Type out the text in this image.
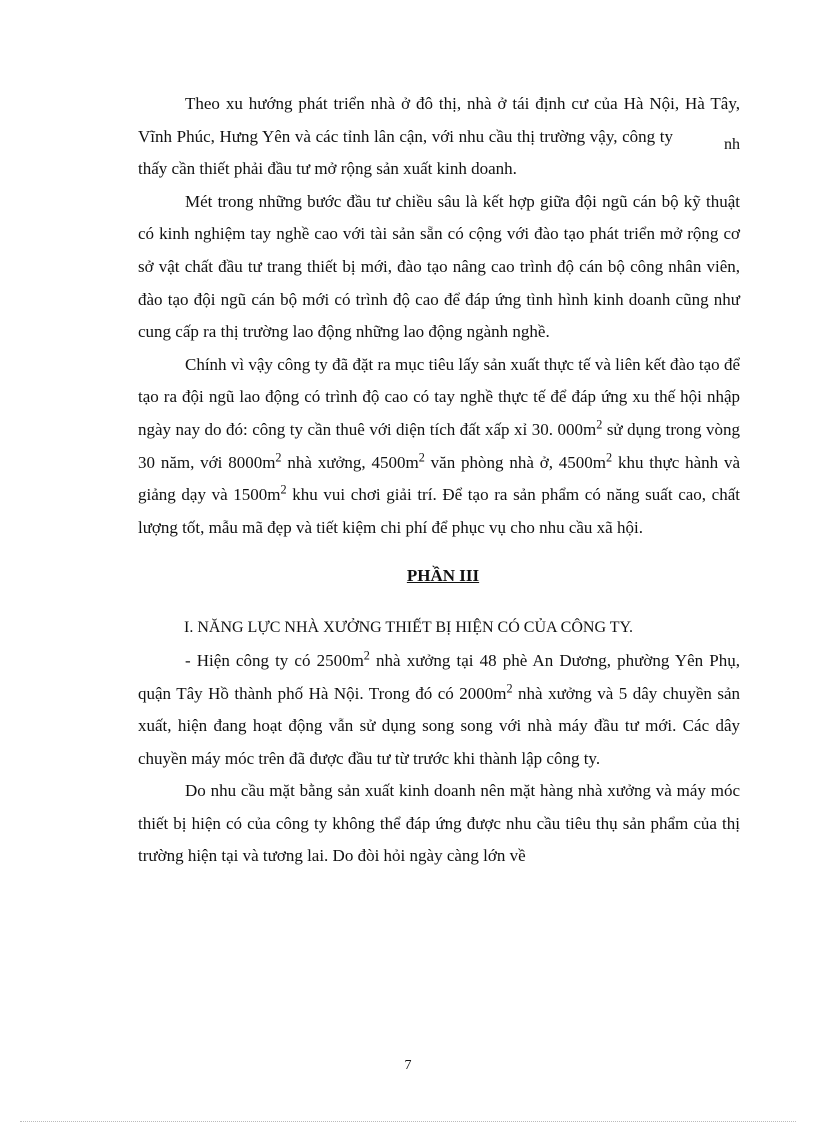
Theo xu hướng phát triển nhà ở đô thị, nhà ở tái định cư của Hà Nội, Hà Tây, Vĩnh Phúc, Hưng Yên và các tỉnh lân cận, với nhu cầu thị trường	nh
vậy, công ty thấy cần thiết phải đầu tư mở rộng sản xuất kinh doanh.

Mét trong những bước đầu tư chiều sâu là kết hợp giữa đội ngũ cán bộ kỹ thuật có kinh nghiệm tay nghề cao với tài sản sẵn có cộng với đào tạo phát triển mở rộng cơ sở vật chất đầu tư trang thiết bị mới, đào tạo nâng cao trình độ cán bộ công nhân viên, đào tạo đội ngũ cán bộ mới có trình độ cao để đáp ứng tình hình kinh doanh cũng như cung cấp ra thị trường lao động những lao động ngành nghề.

Chính vì vậy công ty đã đặt ra mục tiêu lấy sản xuất thực tế và liên kết đào tạo để tạo ra đội ngũ lao động có trình độ cao có tay nghề thực tế để đáp ứng xu thế hội nhập ngày nay do đó: công ty cần thuê với diện tích đất xấp xỉ 30. $000m^2$ sử dụng trong vòng 30 năm, với $8000m^2$ nhà xưởng, $4500m^2$ văn phòng nhà ở, $4500m^2$ khu thực hành và giảng dạy và $1500m^2$ khu vui chơi giải trí. Để tạo ra sản phẩm có năng suất cao, chất lượng tốt, mẫu mã đẹp và tiết kiệm chi phí để phục vụ cho nhu cầu xã hội.

PHẦN III

I. NĂNG LỰC NHÀ XƯỞNG THIẾT BỊ HIỆN CÓ CỦA CÔNG TY.

- Hiện công ty có $2500m^2$ nhà xưởng tại 48 phè An Dương, phường Yên Phụ, quận Tây Hồ thành phố Hà Nội. Trong đó có $2000m^2$ nhà xưởng và 5 dây chuyền sản xuất, hiện đang hoạt động vẫn sử dụng song song với nhà máy đầu tư mới. Các dây chuyền máy móc trên đã được đầu tư từ trước khi thành lập công ty.

Do nhu cầu mặt bằng sản xuất kinh doanh nên mặt hàng nhà xưởng và máy móc thiết bị hiện có của công ty không thể đáp ứng được nhu cầu tiêu thụ sản phẩm của thị trường hiện tại và tương lai. Do đòi hỏi ngày càng lớn về

7
